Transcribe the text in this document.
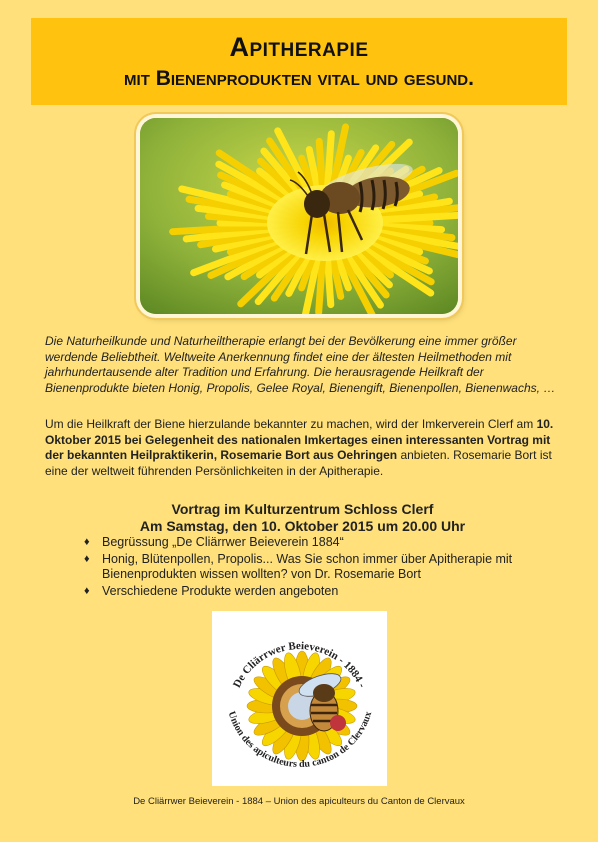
Apitherapie
mit Bienenprodukten vital und gesund.
Die Naturheilkunde und Naturheiltherapie erlangt bei der Bevölkerung eine immer größer werdende Beliebtheit. Weltweite Anerkennung findet eine der ältesten Heilmethoden mit jahrhundertausende alter Tradition und Erfahrung. Die herausragende Heilkraft der Bienenprodukte bieten Honig, Propolis, Gelee Royal, Bienengift, Bienenpollen, Bienenwachs, …
Um die Heilkraft der Biene hierzulande bekannter zu machen, wird der Imkerverein Clerf am 10. Oktober 2015 bei Gelegenheit des nationalen Imkertages einen interessanten Vortrag mit der bekannten Heilpraktikerin, Rosemarie Bort aus Oehringen anbieten. Rosemarie Bort ist eine der weltweit führenden Persönlichkeiten in der Apitherapie.
Vortrag im Kulturzentrum Schloss Clerf
Am Samstag, den 10. Oktober 2015 um 20.00 Uhr
♦ Begrüssung „De Cliärrwer Beieverein 1884“
♦ Honig, Blütenpollen, Propolis... Was Sie schon immer über Apitherapie mit Bienenprodukten wissen wollten? von Dr. Rosemarie Bort
♦ Verschiedene Produkte werden angeboten
De Cliärrwer Beieverein - 1884 -
Union des apiculteurs du canton de Clervaux
De Cliärrwer Beieverein - 1884 – Union des apiculteurs du Canton de Clervaux
